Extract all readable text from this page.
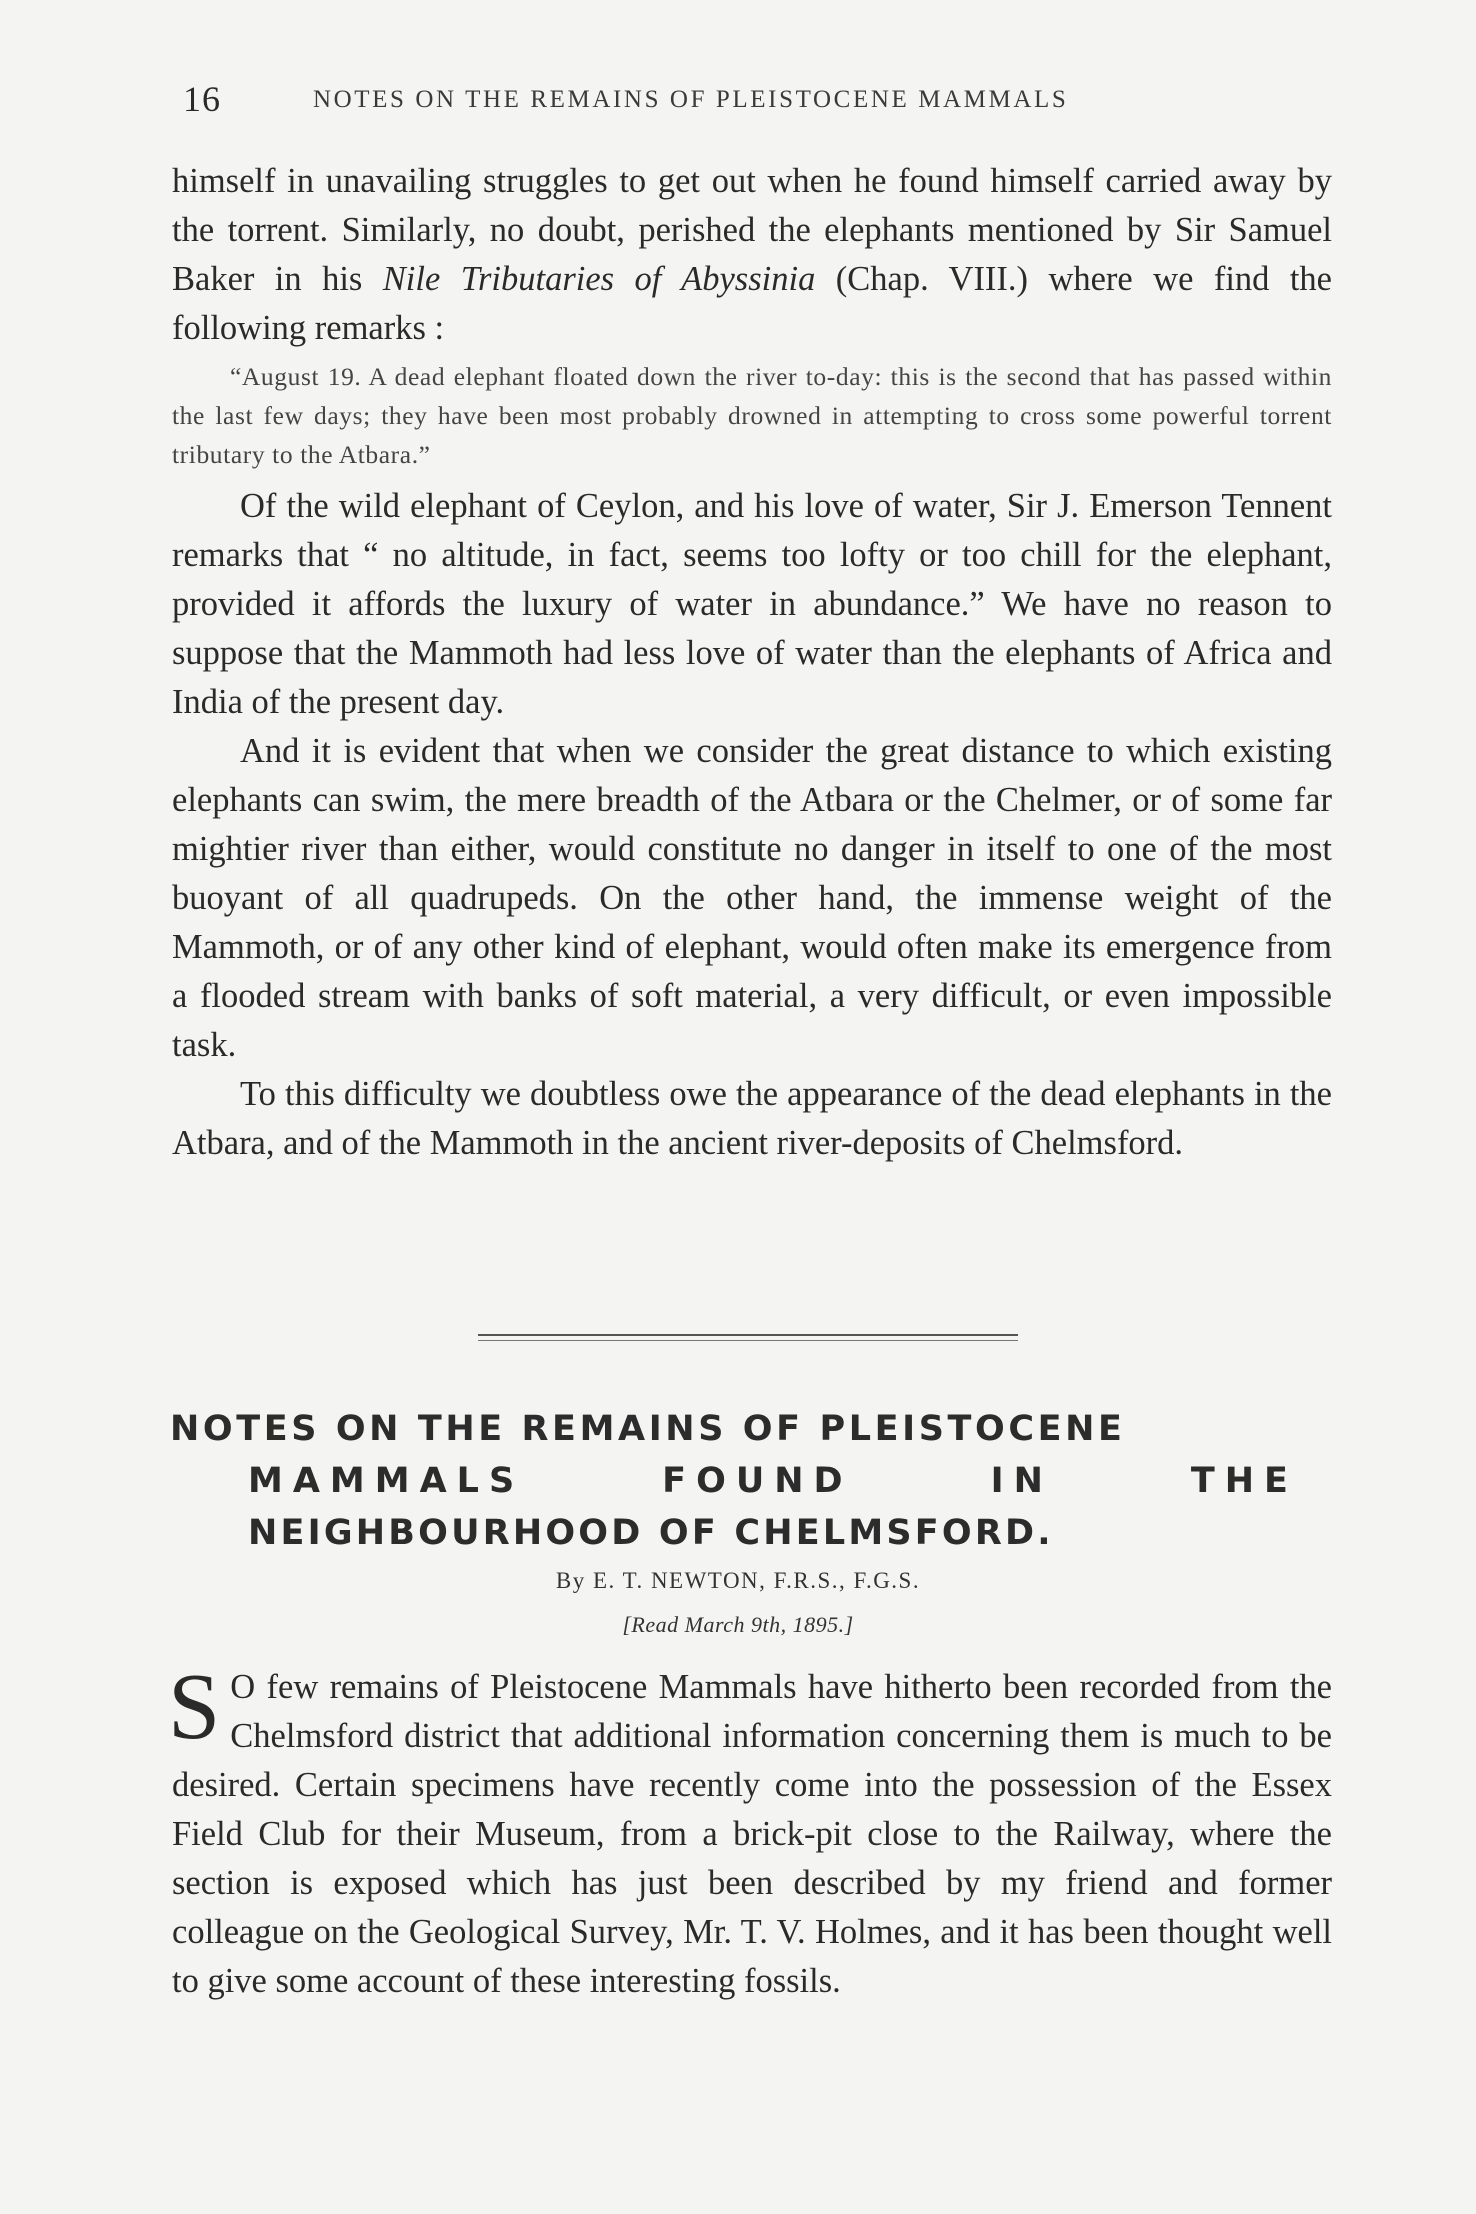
16	NOTES ON THE REMAINS OF PLEISTOCENE MAMMALS

himself in unavailing struggles to get out when he found himself carried away by the torrent. Similarly, no doubt, perished the elephants mentioned by Sir Samuel Baker in his Nile Tributaries of Abyssinia (Chap. VIII.) where we find the following remarks :

“August 19. A dead elephant floated down the river to-day: this is the second that has passed within the last few days; they have been most probably drowned in attempting to cross some powerful torrent tributary to the Atbara.”

Of the wild elephant of Ceylon, and his love of water, Sir J. Emerson Tennent remarks that “ no altitude, in fact, seems too lofty or too chill for the elephant, provided it affords the luxury of water in abundance.” We have no reason to suppose that the Mammoth had less love of water than the elephants of Africa and India of the present day.

And it is evident that when we consider the great distance to which existing elephants can swim, the mere breadth of the Atbara or the Chelmer, or of some far mightier river than either, would constitute no danger in itself to one of the most buoyant of all quadrupeds. On the other hand, the immense weight of the Mammoth, or of any other kind of elephant, would often make its emergence from a flooded stream with banks of soft material, a very difficult, or even impossible task.

To this difficulty we doubtless owe the appearance of the dead elephants in the Atbara, and of the Mammoth in the ancient river-deposits of Chelmsford.

NOTES ON THE REMAINS OF PLEISTOCENE
MAMMALS	FOUND	IN	THE
NEIGHBOURHOOD OF CHELMSFORD.
By E. T. NEWTON, F.R.S., F.G.S.
[Read March 9th, 1895.]

S O few remains of Pleistocene Mammals have hitherto been recorded from the Chelmsford district that additional information concerning them is much to be desired. Certain specimens have recently come into the possession of the Essex Field Club for their Museum, from a brick-pit close to the Railway, where the section is exposed which has just been described by my friend and former colleague on the Geological Survey, Mr. T. V. Holmes, and it has been thought well to give some account of these interesting fossils.
